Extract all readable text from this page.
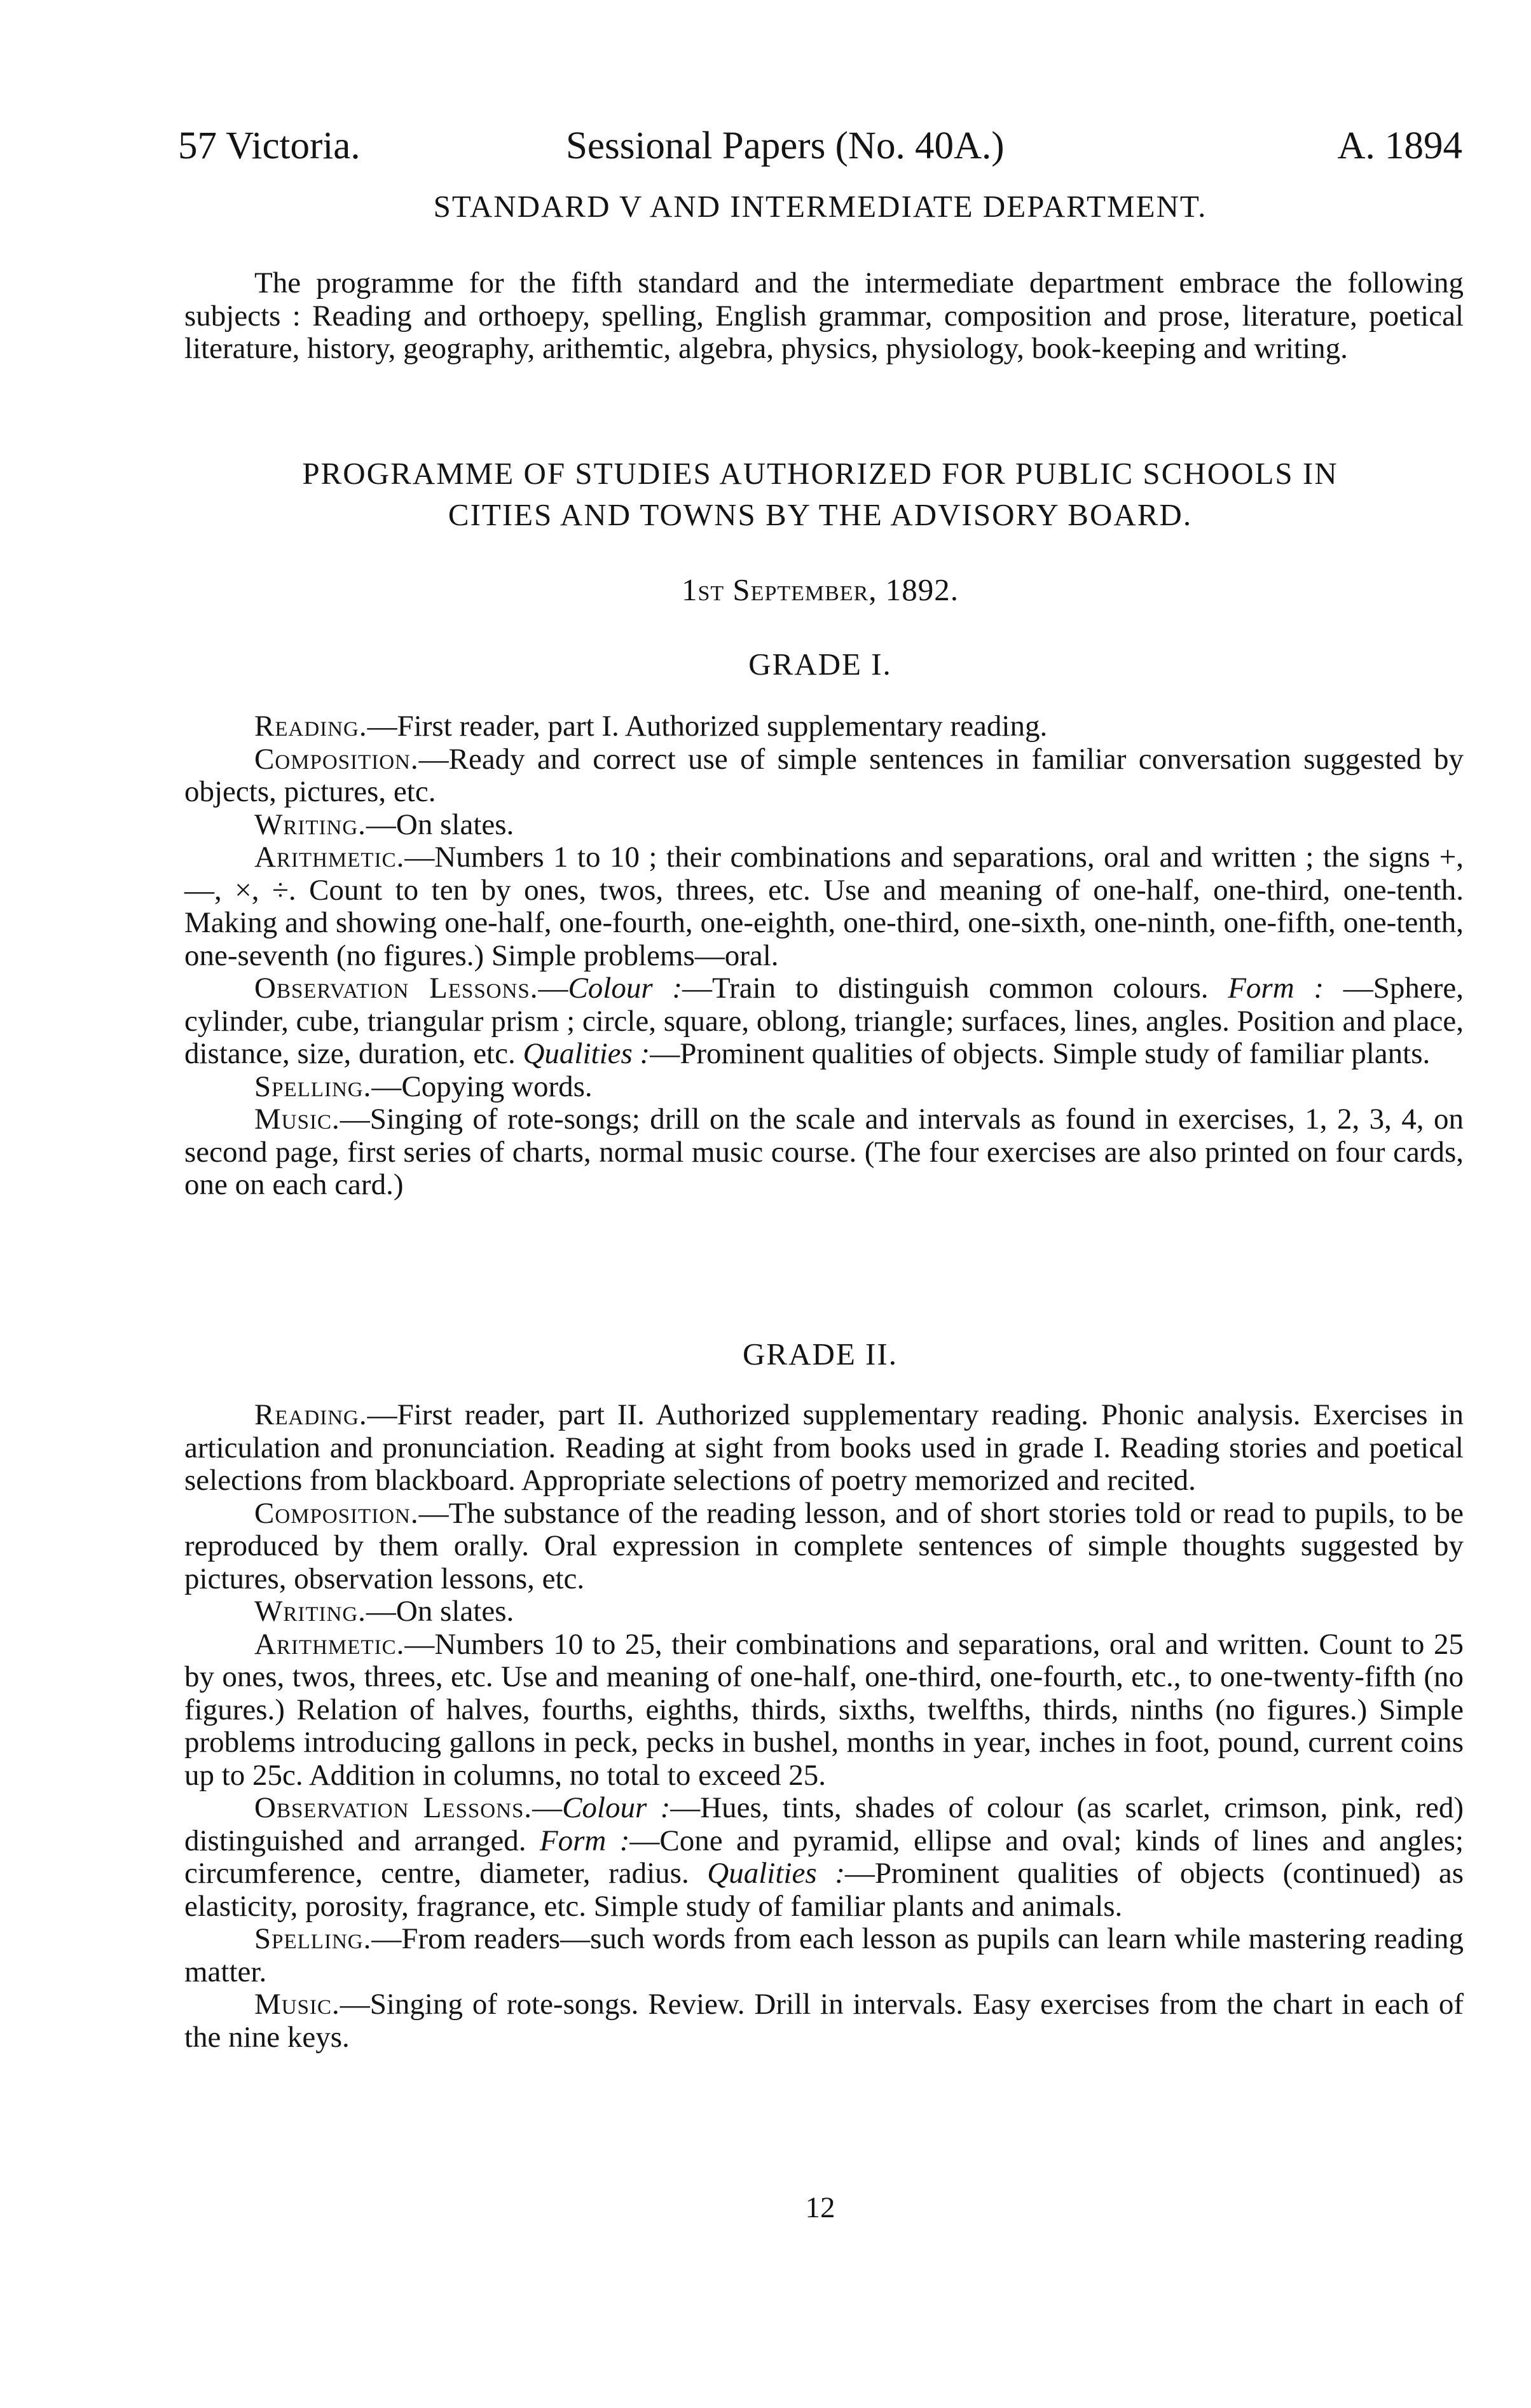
57 Victoria.	Sessional Papers (No. 40A.)	A. 1894
STANDARD V AND INTERMEDIATE DEPARTMENT.

The programme for the fifth standard and the intermediate department embrace the following subjects : Reading and orthoepy, spelling, English grammar, composition and prose, literature, poetical literature, history, geography, arithemtic, algebra, physics, physiology, book-keeping and writing.

PROGRAMME OF STUDIES AUTHORIZED FOR PUBLIC SCHOOLS IN
CITIES AND TOWNS BY THE ADVISORY BOARD.
1st September, 1892.
GRADE I.

Reading.—First reader, part I. Authorized supplementary reading.

Composition.—Ready and correct use of simple sentences in familiar conversation suggested by objects, pictures, etc.

Writing.—On slates.

Arithmetic.—Numbers 1 to 10 ; their combinations and separations, oral and written ; the signs +, —, ×, ÷. Count to ten by ones, twos, threes, etc. Use and meaning of one-half, one-third, one-tenth. Making and showing one-half, one-fourth, one-eighth, one-third, one-sixth, one-ninth, one-fifth, one-tenth, one-seventh (no figures.) Simple problems—oral.

Observation Lessons.—Colour :—Train to distinguish common colours. Form : —Sphere, cylinder, cube, triangular prism ; circle, square, oblong, triangle; surfaces, lines, angles. Position and place, distance, size, duration, etc. Qualities :—Prominent qualities of objects. Simple study of familiar plants.

Spelling.—Copying words.

Music.—Singing of rote-songs; drill on the scale and intervals as found in exercises, 1, 2, 3, 4, on second page, first series of charts, normal music course. (The four exercises are also printed on four cards, one on each card.)

GRADE II.

Reading.—First reader, part II. Authorized supplementary reading. Phonic analysis. Exercises in articulation and pronunciation. Reading at sight from books used in grade I. Reading stories and poetical selections from blackboard. Appropriate selections of poetry memorized and recited.

Composition.—The substance of the reading lesson, and of short stories told or read to pupils, to be reproduced by them orally. Oral expression in complete sentences of simple thoughts suggested by pictures, observation lessons, etc.

Writing.—On slates.

Arithmetic.—Numbers 10 to 25, their combinations and separations, oral and written. Count to 25 by ones, twos, threes, etc. Use and meaning of one-half, one-third, one-fourth, etc., to one-twenty-fifth (no figures.) Relation of halves, fourths, eighths, thirds, sixths, twelfths, thirds, ninths (no figures.) Simple problems introducing gallons in peck, pecks in bushel, months in year, inches in foot, pound, current coins up to 25c. Addition in columns, no total to exceed 25.

Observation Lessons.—Colour :—Hues, tints, shades of colour (as scarlet, crimson, pink, red) distinguished and arranged. Form :—Cone and pyramid, ellipse and oval; kinds of lines and angles; circumference, centre, diameter, radius. Qualities :—Prominent qualities of objects (continued) as elasticity, porosity, fragrance, etc. Simple study of familiar plants and animals.

Spelling.—From readers—such words from each lesson as pupils can learn while mastering reading matter.

Music.—Singing of rote-songs. Review. Drill in intervals. Easy exercises from the chart in each of the nine keys.

12
